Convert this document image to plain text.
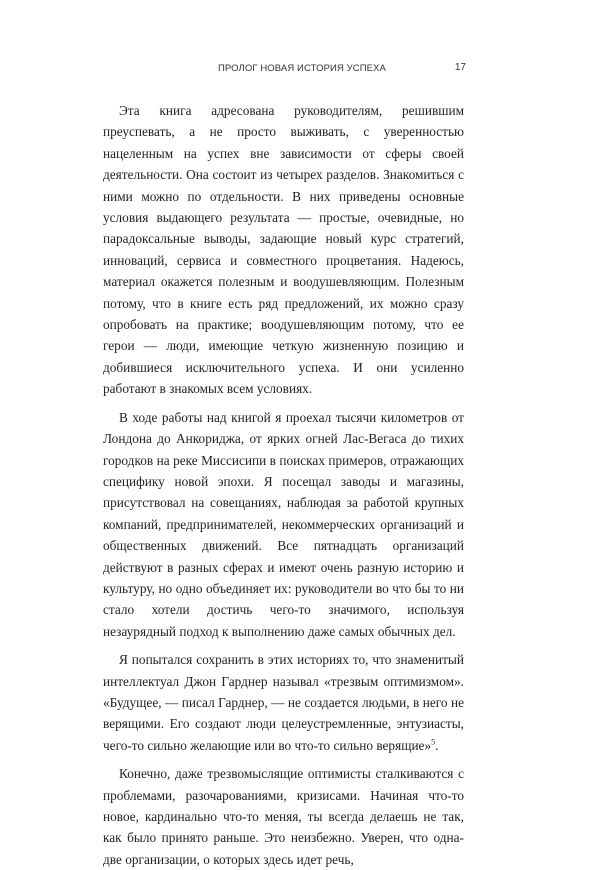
ПРОЛОГ НОВАЯ ИСТОРИЯ УСПЕХА	17

Эта книга адресована руководителям, решившим преуспевать, а не просто выживать, с уверенностью нацеленным на успех вне зависимости от сферы своей деятельности. Она состоит из четырех разделов. Знакомиться с ними можно по отдельности. В них приведены основные условия выдающего результата — простые, очевидные, но парадоксальные выводы, задающие новый курс стратегий, инноваций, сервиса и совместного процветания. Надеюсь, материал окажется полезным и воодушевляющим. Полезным потому, что в книге есть ряд предложений, их можно сразу опробовать на практике; воодушевляющим потому, что ее герои — люди, имеющие четкую жизненную позицию и добившиеся исключительного успеха. И они усиленно работают в знакомых всем условиях.

В ходе работы над книгой я проехал тысячи километров от Лондона до Анкориджа, от ярких огней Лас-Вегаса до тихих городков на реке Миссисипи в поисках примеров, отражающих специфику новой эпохи. Я посещал заводы и магазины, присутствовал на совещаниях, наблюдая за работой крупных компаний, предпринимателей, некоммерческих организаций и общественных движений. Все пятнадцать организаций действуют в разных сферах и имеют очень разную историю и культуру, но одно объединяет их: руководители во что бы то ни стало хотели достичь чего-то значимого, используя незаурядный подход к выполнению даже самых обычных дел.

Я попытался сохранить в этих историях то, что знаменитый интеллектуал Джон Гарднер называл «трезвым оптимизмом». «Будущее, — писал Гарднер, — не создается людьми, в него не верящими. Его создают люди целеустремленные, энтузиасты, чего-то сильно желающие или во что-то сильно верящие»$^5$.

Конечно, даже трезвомыслящие оптимисты сталкиваются с проблемами, разочарованиями, кризисами. Начиная что-то новое, кардинально что-то меняя, ты всегда делаешь не так, как было принято раньше. Это неизбежно. Уверен, что одна-две организации, о которых здесь идет речь,
